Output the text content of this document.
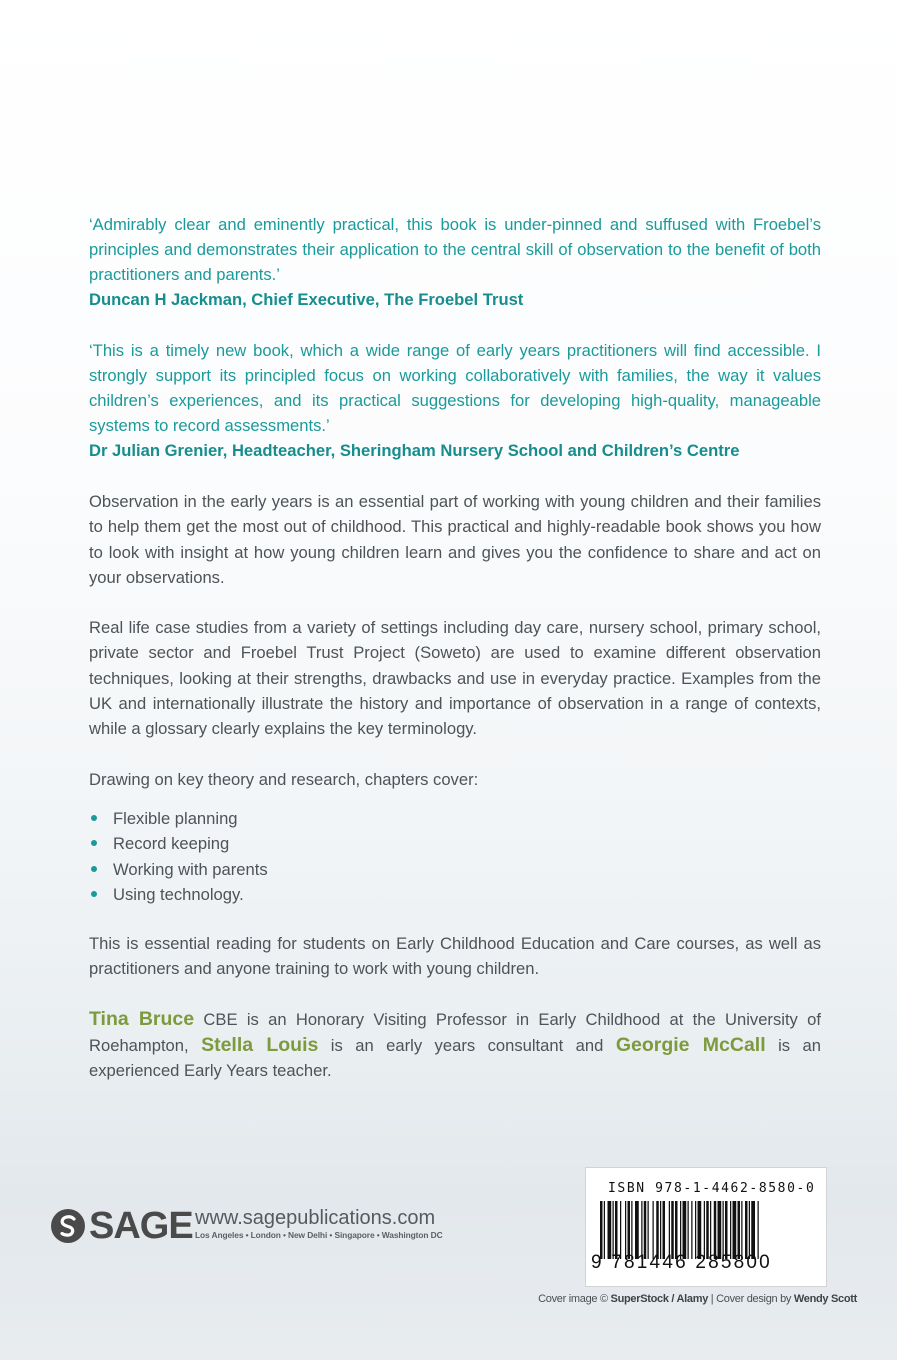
‘Admirably clear and eminently practical, this book is under-pinned and suffused with Froebel’s principles and demonstrates their application to the central skill of observation to the benefit of both practitioners and parents.’

Duncan H Jackman, Chief Executive, The Froebel Trust

‘This is a timely new book, which a wide range of early years practitioners will find accessible. I strongly support its principled focus on working collaboratively with families, the way it values children’s experiences, and its practical suggestions for developing high-quality, manageable systems to record assessments.’

Dr Julian Grenier, Headteacher, Sheringham Nursery School and Children’s Centre

Observation in the early years is an essential part of working with young children and their families to help them get the most out of childhood. This practical and highly-readable book shows you how to look with insight at how young children learn and gives you the confidence to share and act on your observations.

Real life case studies from a variety of settings including day care, nursery school, primary school, private sector and Froebel Trust Project (Soweto) are used to examine different observation techniques, looking at their strengths, drawbacks and use in everyday practice. Examples from the UK and internationally illustrate the history and importance of observation in a range of contexts, while a glossary clearly explains the key terminology.

Drawing on key theory and research, chapters cover:

Flexible planning
Record keeping
Working with parents
Using technology.

This is essential reading for students on Early Childhood Education and Care courses, as well as practitioners and anyone training to work with young children.

Tina Bruce CBE is an Honorary Visiting Professor in Early Childhood at the University of Roehampton, Stella Louis is an early years consultant and Georgie McCall is an experienced Early Years teacher.
SAGE www.sagepublications.com
Los Angeles • London • New Delhi • Singapore • Washington DC
ISBN 978-1-4462-8580-0
9 781446 285800
Cover image © SuperStock / Alamy | Cover design by Wendy Scott
